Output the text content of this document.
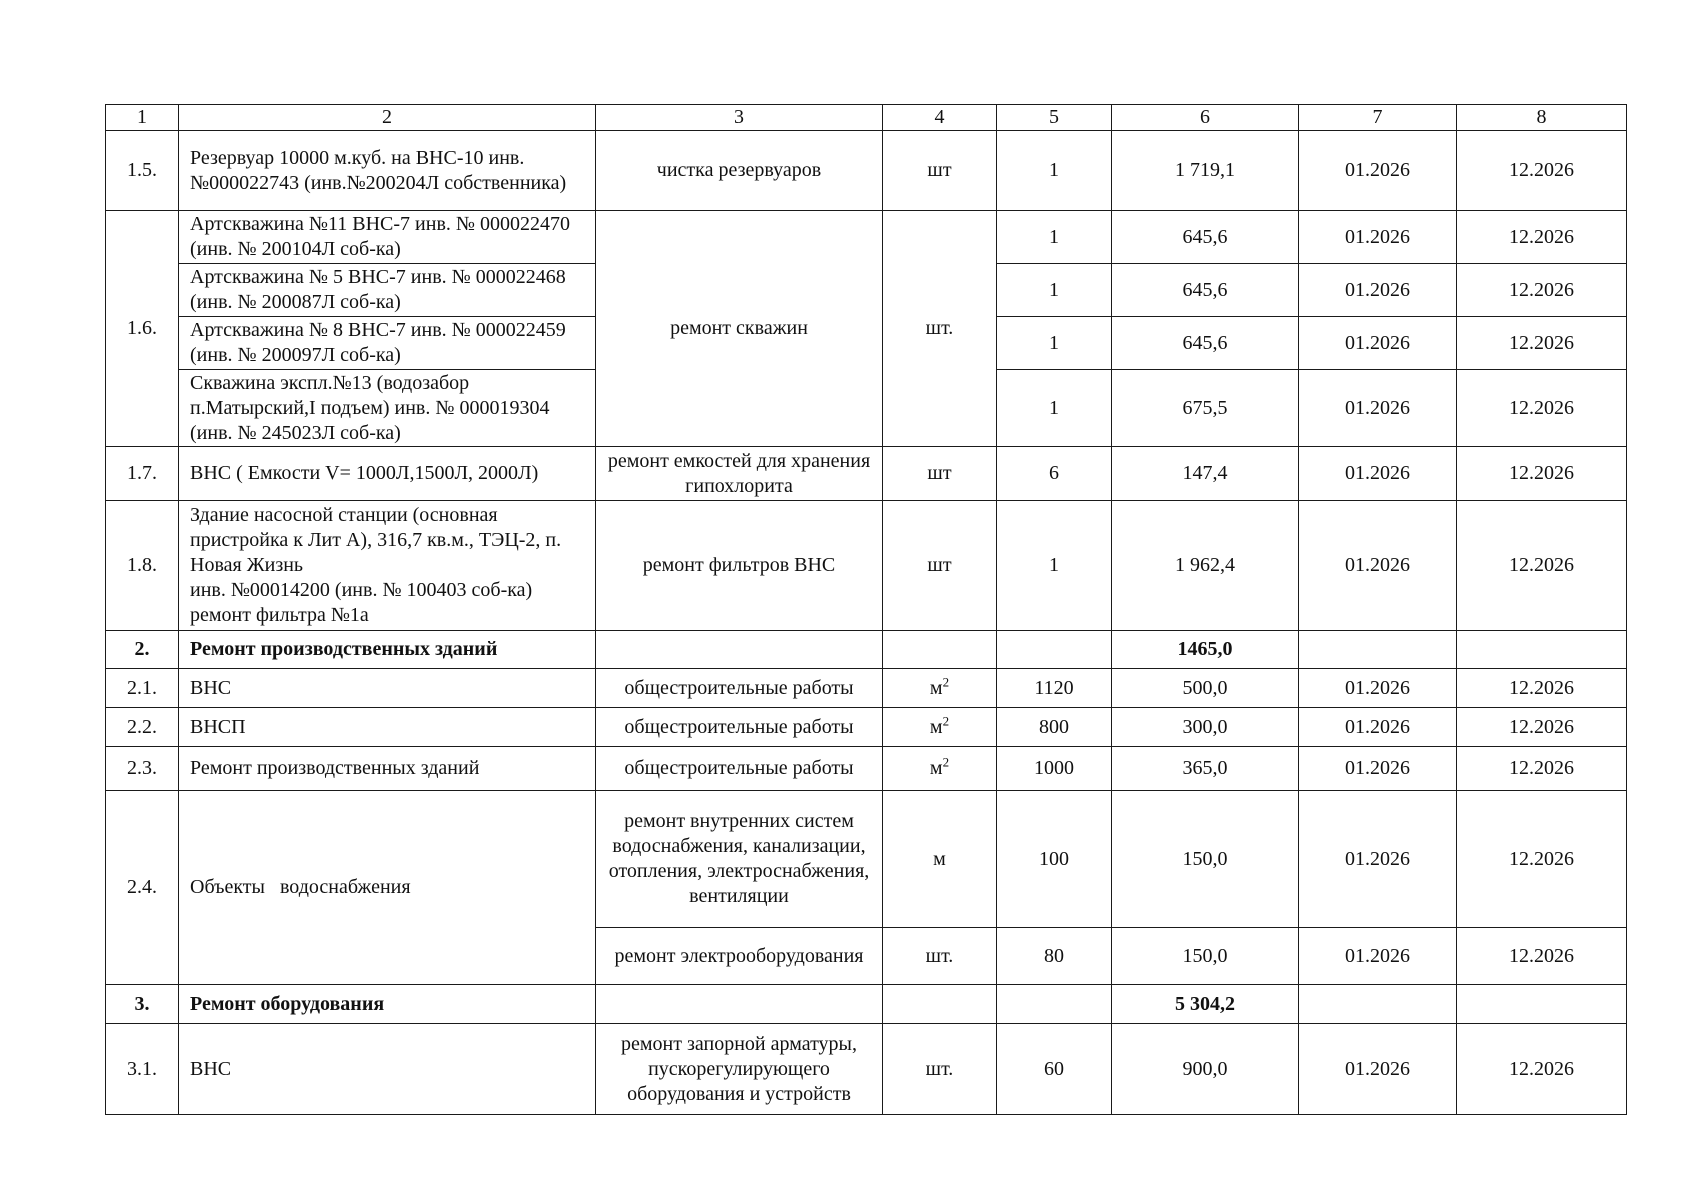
1	2	3	4	5	6	7	8
1.5.	Резервуар 10000 м.куб. на ВНС-10 инв.№000022743 (инв.№200204Л собственника)	чистка резервуаров	шт	1	1 719,1	01.2026	12.2026
1.6.	Артскважина №11 ВНС-7 инв. № 000022470 (инв. № 200104Л соб-ка)	ремонт скважин	шт.	1	645,6	01.2026	12.2026
	Артскважина № 5 ВНС-7 инв. № 000022468 (инв. № 200087Л соб-ка)			1	645,6	01.2026	12.2026
	Артскважина № 8 ВНС-7 инв. № 000022459 (инв. № 200097Л соб-ка)			1	645,6	01.2026	12.2026
	Скважина экспл.№13 (водозабор п.Матырский,I подъем) инв. № 000019304 (инв. № 245023Л соб-ка)			1	675,5	01.2026	12.2026
1.7.	ВНС ( Емкости V= 1000Л,1500Л, 2000Л)	ремонт емкостей для хранения гипохлорита	шт	6	147,4	01.2026	12.2026
1.8.	Здание насосной станции (основная пристройка к Лит А), 316,7 кв.м., ТЭЦ-2, п. Новая Жизнь
инв. №00014200 (инв. № 100403 соб-ка)
ремонт фильтра №1а	ремонт фильтров ВНС	шт	1	1 962,4	01.2026	12.2026
2.	Ремонт производственных зданий				1465,0		
2.1.	ВНС	общестроительные работы	$м^2$	1120	500,0	01.2026	12.2026
2.2.	ВНСП	общестроительные работы	$м^2$	800	300,0	01.2026	12.2026
2.3.	Ремонт производственных зданий	общестроительные работы	$м^2$	1000	365,0	01.2026	12.2026
2.4.	Объекты   водоснабжения	ремонт внутренних систем водоснабжения, канализации, отопления, электроснабжения, вентиляции	м	100	150,0	01.2026	12.2026
		ремонт электрооборудования	шт.	80	150,0	01.2026	12.2026
3.	Ремонт оборудования				5 304,2		
3.1.	ВНС	ремонт запорной арматуры, пускорегулирующего оборудования и устройств	шт.	60	900,0	01.2026	12.2026
